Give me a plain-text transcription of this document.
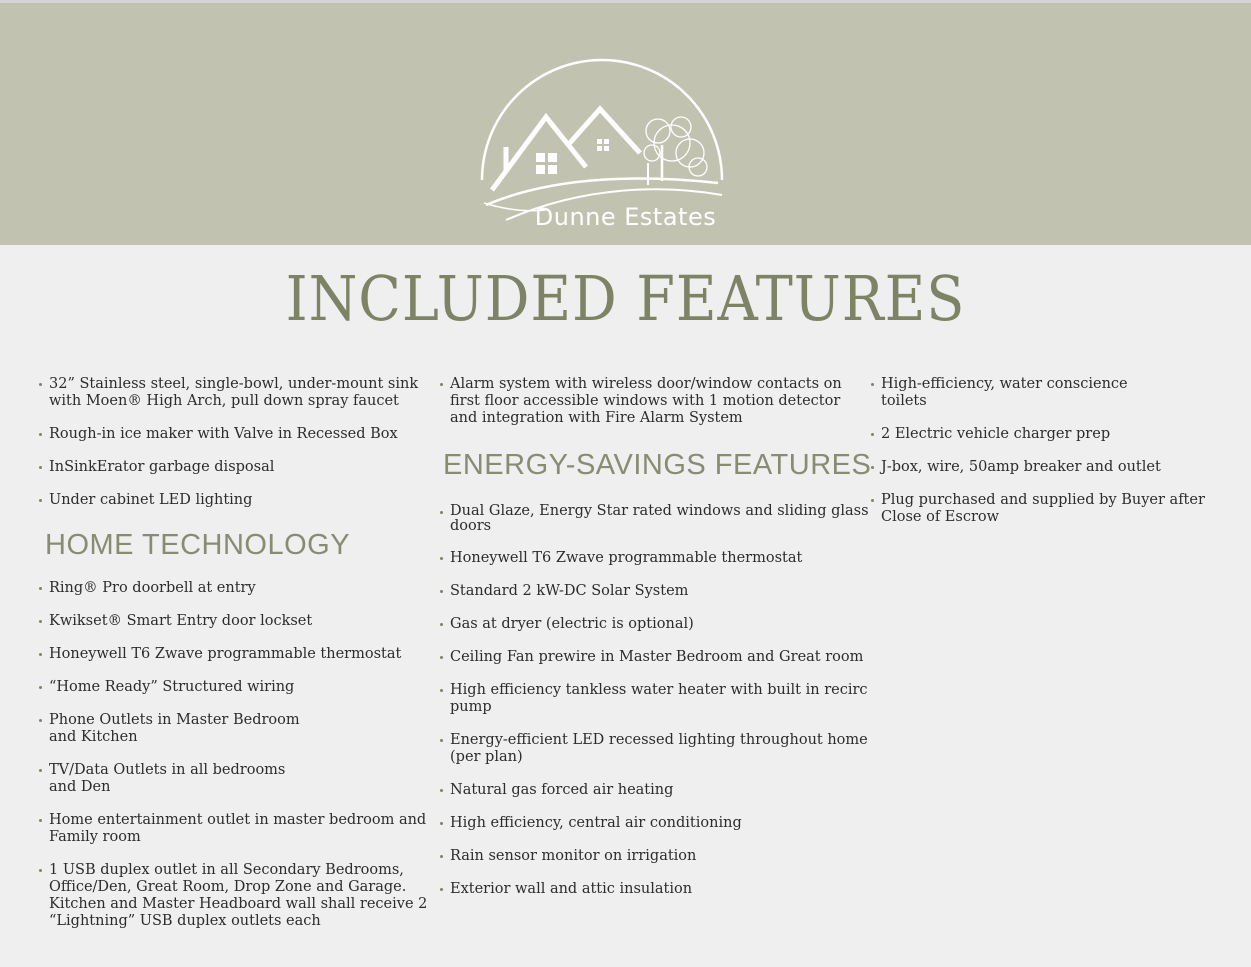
Dunne Estates
INCLUDED FEATURES
32” Stainless steel, single-bowl, under-mount sink with Moen® High Arch, pull down spray faucet
Rough-in ice maker with Valve in Recessed Box
InSinkErator garbage disposal
Under cabinet LED lighting
HOME TECHNOLOGY
Ring® Pro doorbell at entry
Kwikset® Smart Entry door lockset
Honeywell T6 Zwave programmable thermostat
“Home Ready” Structured wiring
Phone Outlets in Master Bedroom
and Kitchen
TV/Data Outlets in all bedrooms
and Den
Home entertainment outlet in master bedroom and Family room
1 USB duplex outlet in all Secondary Bedrooms, Office/Den, Great Room, Drop Zone and Garage. Kitchen and Master Headboard wall shall receive 2 “Lightning” USB duplex outlets each
Alarm system with wireless door/window contacts on first floor accessible windows with 1 motion detector and integration with Fire Alarm System
ENERGY-SAVINGS FEATURES
Dual Glaze, Energy Star rated windows and sliding glass doors
Honeywell T6 Zwave programmable thermostat
Standard 2 kW-DC Solar System
Gas at dryer (electric is optional)
Ceiling Fan prewire in Master Bedroom and Great room
High efficiency tankless water heater with built in recirc pump
Energy-efficient LED recessed lighting throughout home (per plan)
Natural gas forced air heating
High efficiency, central air conditioning
Rain sensor monitor on irrigation
Exterior wall and attic insulation
High-efficiency, water conscience
toilets
2 Electric vehicle charger prep
J-box, wire, 50amp breaker and outlet
Plug purchased and supplied by Buyer after Close of Escrow
